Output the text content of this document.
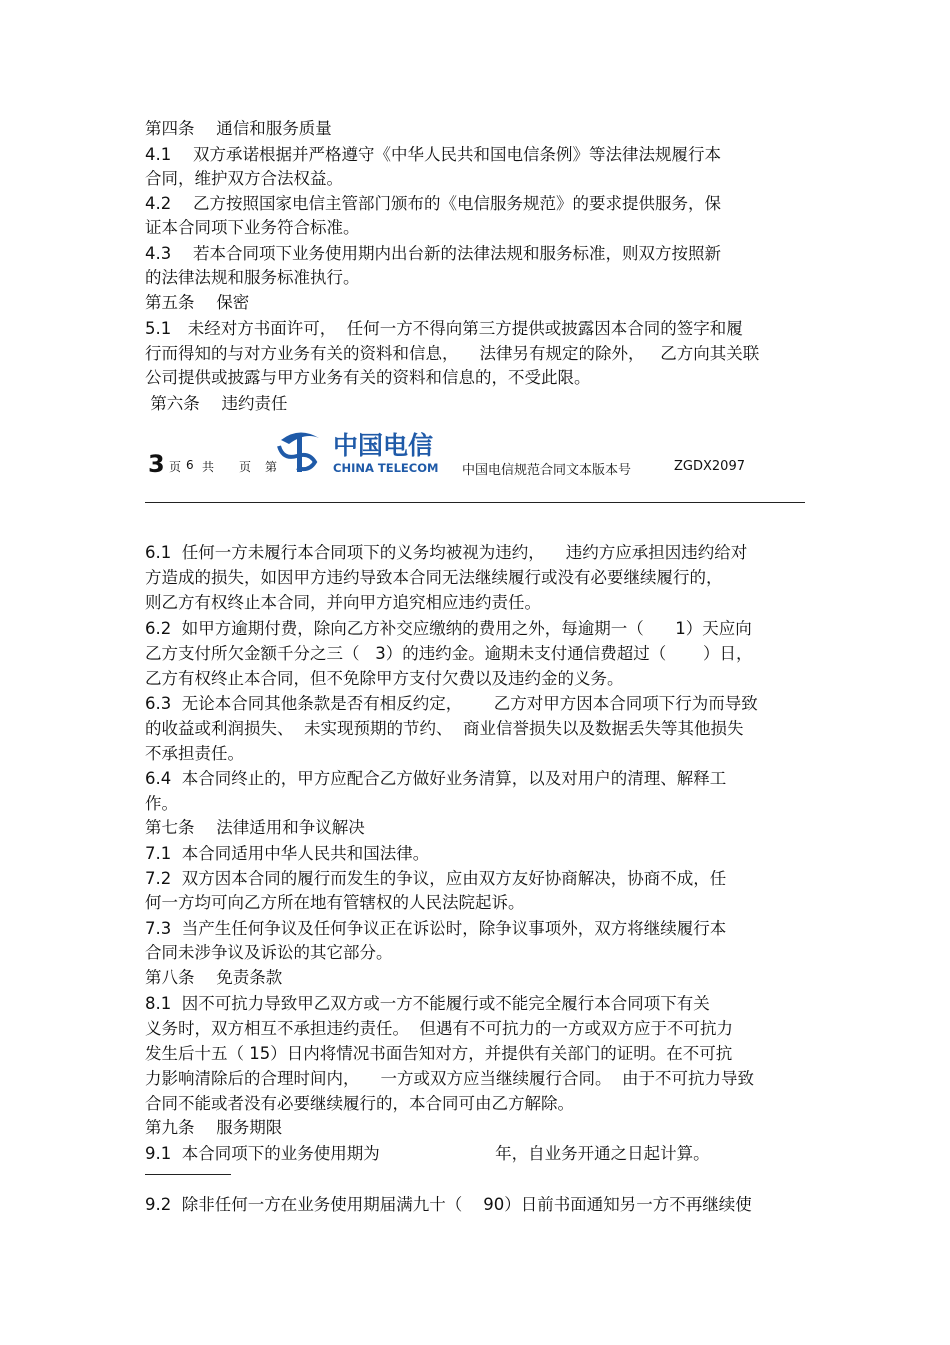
第四条　 通信和服务质量
4.1　 双方承诺根据并严格遵守《中华人民共和国电信条例》等法律法规履行本
合同，维护双方合法权益。
4.2　 乙方按照国家电信主管部门颁布的《电信服务规范》的要求提供服务，保
证本合同项下业务符合标准。
4.3　 若本合同项下业务使用期内出台新的法律法规和服务标准，则双方按照新
的法律法规和服务标准执行。
第五条　 保密
5.1　未经对方书面许可，  任何一方不得向第三方提供或披露因本合同的签字和履
行而得知的与对方业务有关的资料和信息，    法律另有规定的除外，   乙方向其关联
公司提供或披露与甲方业务有关的资料和信息的，不受此限。
第六条　 违约责任
3 页 6 共 页 第
中国电信
CHINA TELECOM 中国电信规范合同文本版本号	ZGDX2097
6.1  任何一方未履行本合同项下的义务均被视为违约，    违约方应承担因违约给对
方造成的损失，如因甲方违约导致本合同无法继续履行或没有必要继续履行的，
则乙方有权终止本合同，并向甲方追究相应违约责任。
6.2  如甲方逾期付费，除向乙方补交应缴纳的费用之外，每逾期一（      1）天应向
乙方支付所欠金额千分之三（   3）的违约金。逾期未支付通信费超过（       ）日，
乙方有权终止本合同，但不免除甲方支付欠费以及违约金的义务。
6.3  无论本合同其他条款是否有相反约定，      乙方对甲方因本合同项下行为而导致
的收益或利润损失、  未实现预期的节约、  商业信誉损失以及数据丢失等其他损失
不承担责任。
6.4  本合同终止的，甲方应配合乙方做好业务清算，以及对用户的清理、解释工
作。
第七条　 法律适用和争议解决
7.1  本合同适用中华人民共和国法律。
7.2  双方因本合同的履行而发生的争议，应由双方友好协商解决，协商不成，任
何一方均可向乙方所在地有管辖权的人民法院起诉。
7.3  当产生任何争议及任何争议正在诉讼时，除争议事项外，双方将继续履行本
合同未涉争议及诉讼的其它部分。
第八条　 免责条款
8.1  因不可抗力导致甲乙双方或一方不能履行或不能完全履行本合同项下有关
义务时，双方相互不承担违约责任。  但遇有不可抗力的一方或双方应于不可抗力
发生后十五（ 15）日内将情况书面告知对方，并提供有关部门的证明。在不可抗
力影响清除后的合理时间内，    一方或双方应当继续履行合同。  由于不可抗力导致
合同不能或者没有必要继续履行的，本合同可由乙方解除。
第九条　 服务期限
9.1  本合同项下的业务使用期为                      年，自业务开通之日起计算。
9.2  除非任何一方在业务使用期届满九十（    90）日前书面通知另一方不再继续使
